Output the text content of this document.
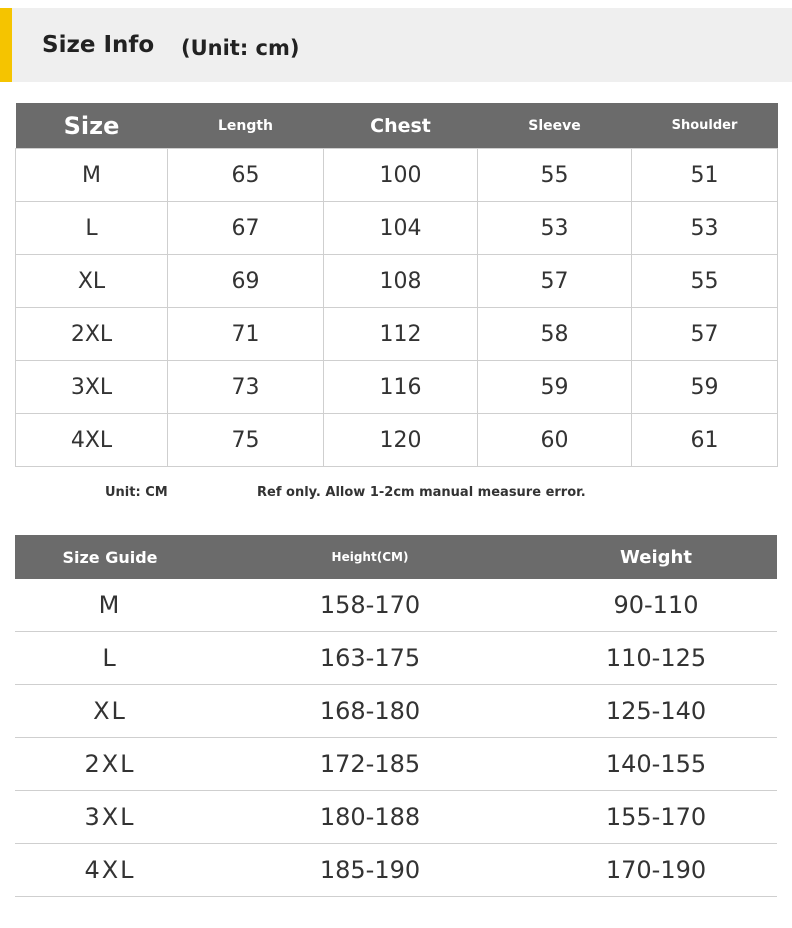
Size Info (Unit: cm)
Size	Length	Chest	Sleeve	Shoulder
M	65	100	55	51
L	67	104	53	53
XL	69	108	57	55
2XL	71	112	58	57
3XL	73	116	59	59
4XL	75	120	60	61
Unit: CM	Ref only. Allow 1-2cm manual measure error.
Size Guide	Height(CM)	Weight
M	158-170	90-110
L	163-175	110-125
XL	168-180	125-140
2XL	172-185	140-155
3XL	180-188	155-170
4XL	185-190	170-190
